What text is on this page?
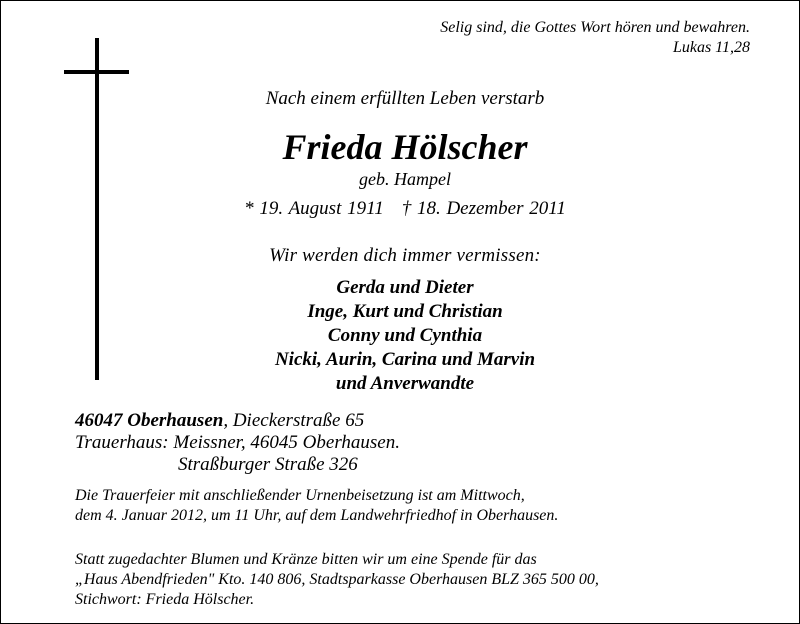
Selig sind, die Gottes Wort hören und bewahren.
Lukas 11,28
Nach einem erfüllten Leben verstarb
Frieda Hölscher
geb. Hampel
* 19. August 1911 † 18. Dezember 2011
Wir werden dich immer vermissen:
Gerda und Dieter
Inge, Kurt und Christian
Conny und Cynthia
Nicki, Aurin, Carina und Marvin
und Anverwandte
46047 Oberhausen, Dieckerstraße 65
Trauerhaus: Meissner, 46045 Oberhausen.
Straßburger Straße 326
Die Trauerfeier mit anschließender Urnenbeisetzung ist am Mittwoch,
dem 4. Januar 2012, um 11 Uhr, auf dem Landwehrfriedhof in Oberhausen.
Statt zugedachter Blumen und Kränze bitten wir um eine Spende für das
„Haus Abendfrieden" Kto. 140 806, Stadtsparkasse Oberhausen BLZ 365 500 00,
Stichwort: Frieda Hölscher.
